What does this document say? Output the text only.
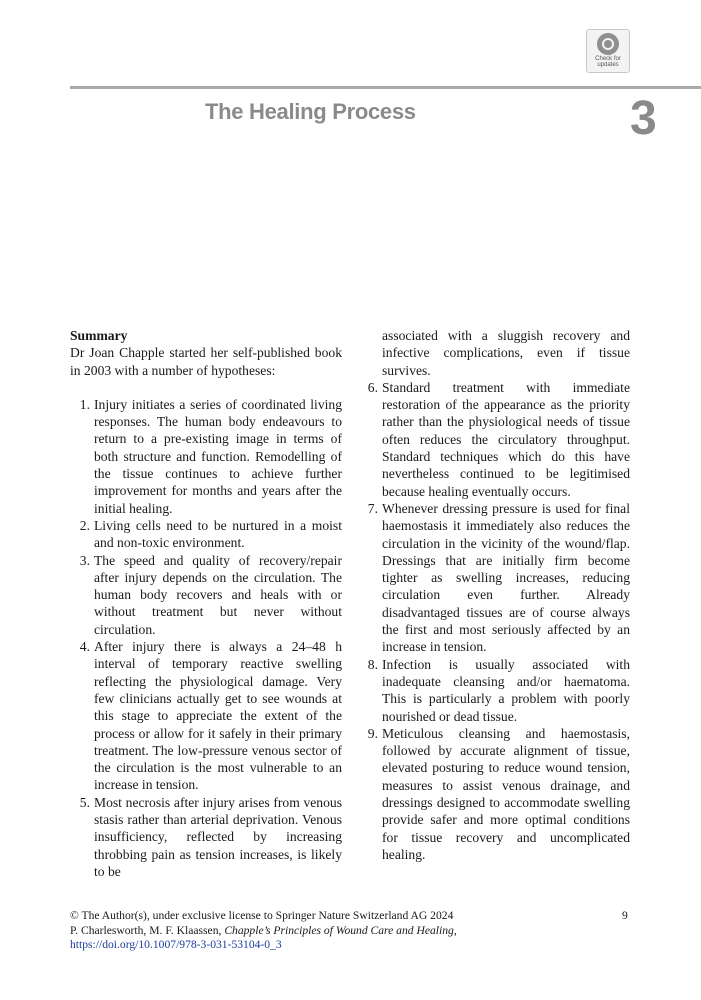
Check for
updates
The Healing Process	3

Summary

Dr Joan Chapple started her self-published book in 2003 with a number of hypotheses:

1. Injury initiates a series of coordinated living responses. The human body endeavours to return to a pre-existing image in terms of both structure and function. Remodelling of the tissue continues to achieve further improvement for months and years after the initial healing.
2. Living cells need to be nurtured in a moist and non-toxic environment.
3. The speed and quality of recovery/repair after injury depends on the circulation. The human body recovers and heals with or without treatment but never without circulation.
4. After injury there is always a 24–48 h interval of temporary reactive swelling reflecting the physiological damage. Very few clinicians actually get to see wounds at this stage to appreciate the extent of the process or allow for it safely in their primary treatment. The low-pressure venous sector of the circulation is the most vulnerable to an increase in tension.
5. Most necrosis after injury arises from venous stasis rather than arterial deprivation. Venous insufficiency, reflected by increasing throbbing pain as tension increases, is likely to be

associated with a sluggish recovery and infective complications, even if tissue survives.

6. Standard treatment with immediate restoration of the appearance as the priority rather than the physiological needs of tissue often reduces the circulatory throughput. Standard techniques which do this have nevertheless continued to be legitimised because healing eventually occurs.
7. Whenever dressing pressure is used for final haemostasis it immediately also reduces the circulation in the vicinity of the wound/flap. Dressings that are initially firm become tighter as swelling increases, reducing circulation even further. Already disadvantaged tissues are of course always the first and most seriously affected by an increase in tension.
8. Infection is usually associated with inadequate cleansing and/or haematoma. This is particularly a problem with poorly nourished or dead tissue.
9. Meticulous cleansing and haemostasis, followed by accurate alignment of tissue, elevated posturing to reduce wound tension, measures to assist venous drainage, and dressings designed to accommodate swelling provide safer and more optimal conditions for tissue recovery and uncomplicated healing.
© The Author(s), under exclusive license to Springer Nature Switzerland AG 2024
P. Charlesworth, M. F. Klaassen, Chapple’s Principles of Wound Care and Healing,
https://doi.org/10.1007/978-3-031-53104-0_3
9
